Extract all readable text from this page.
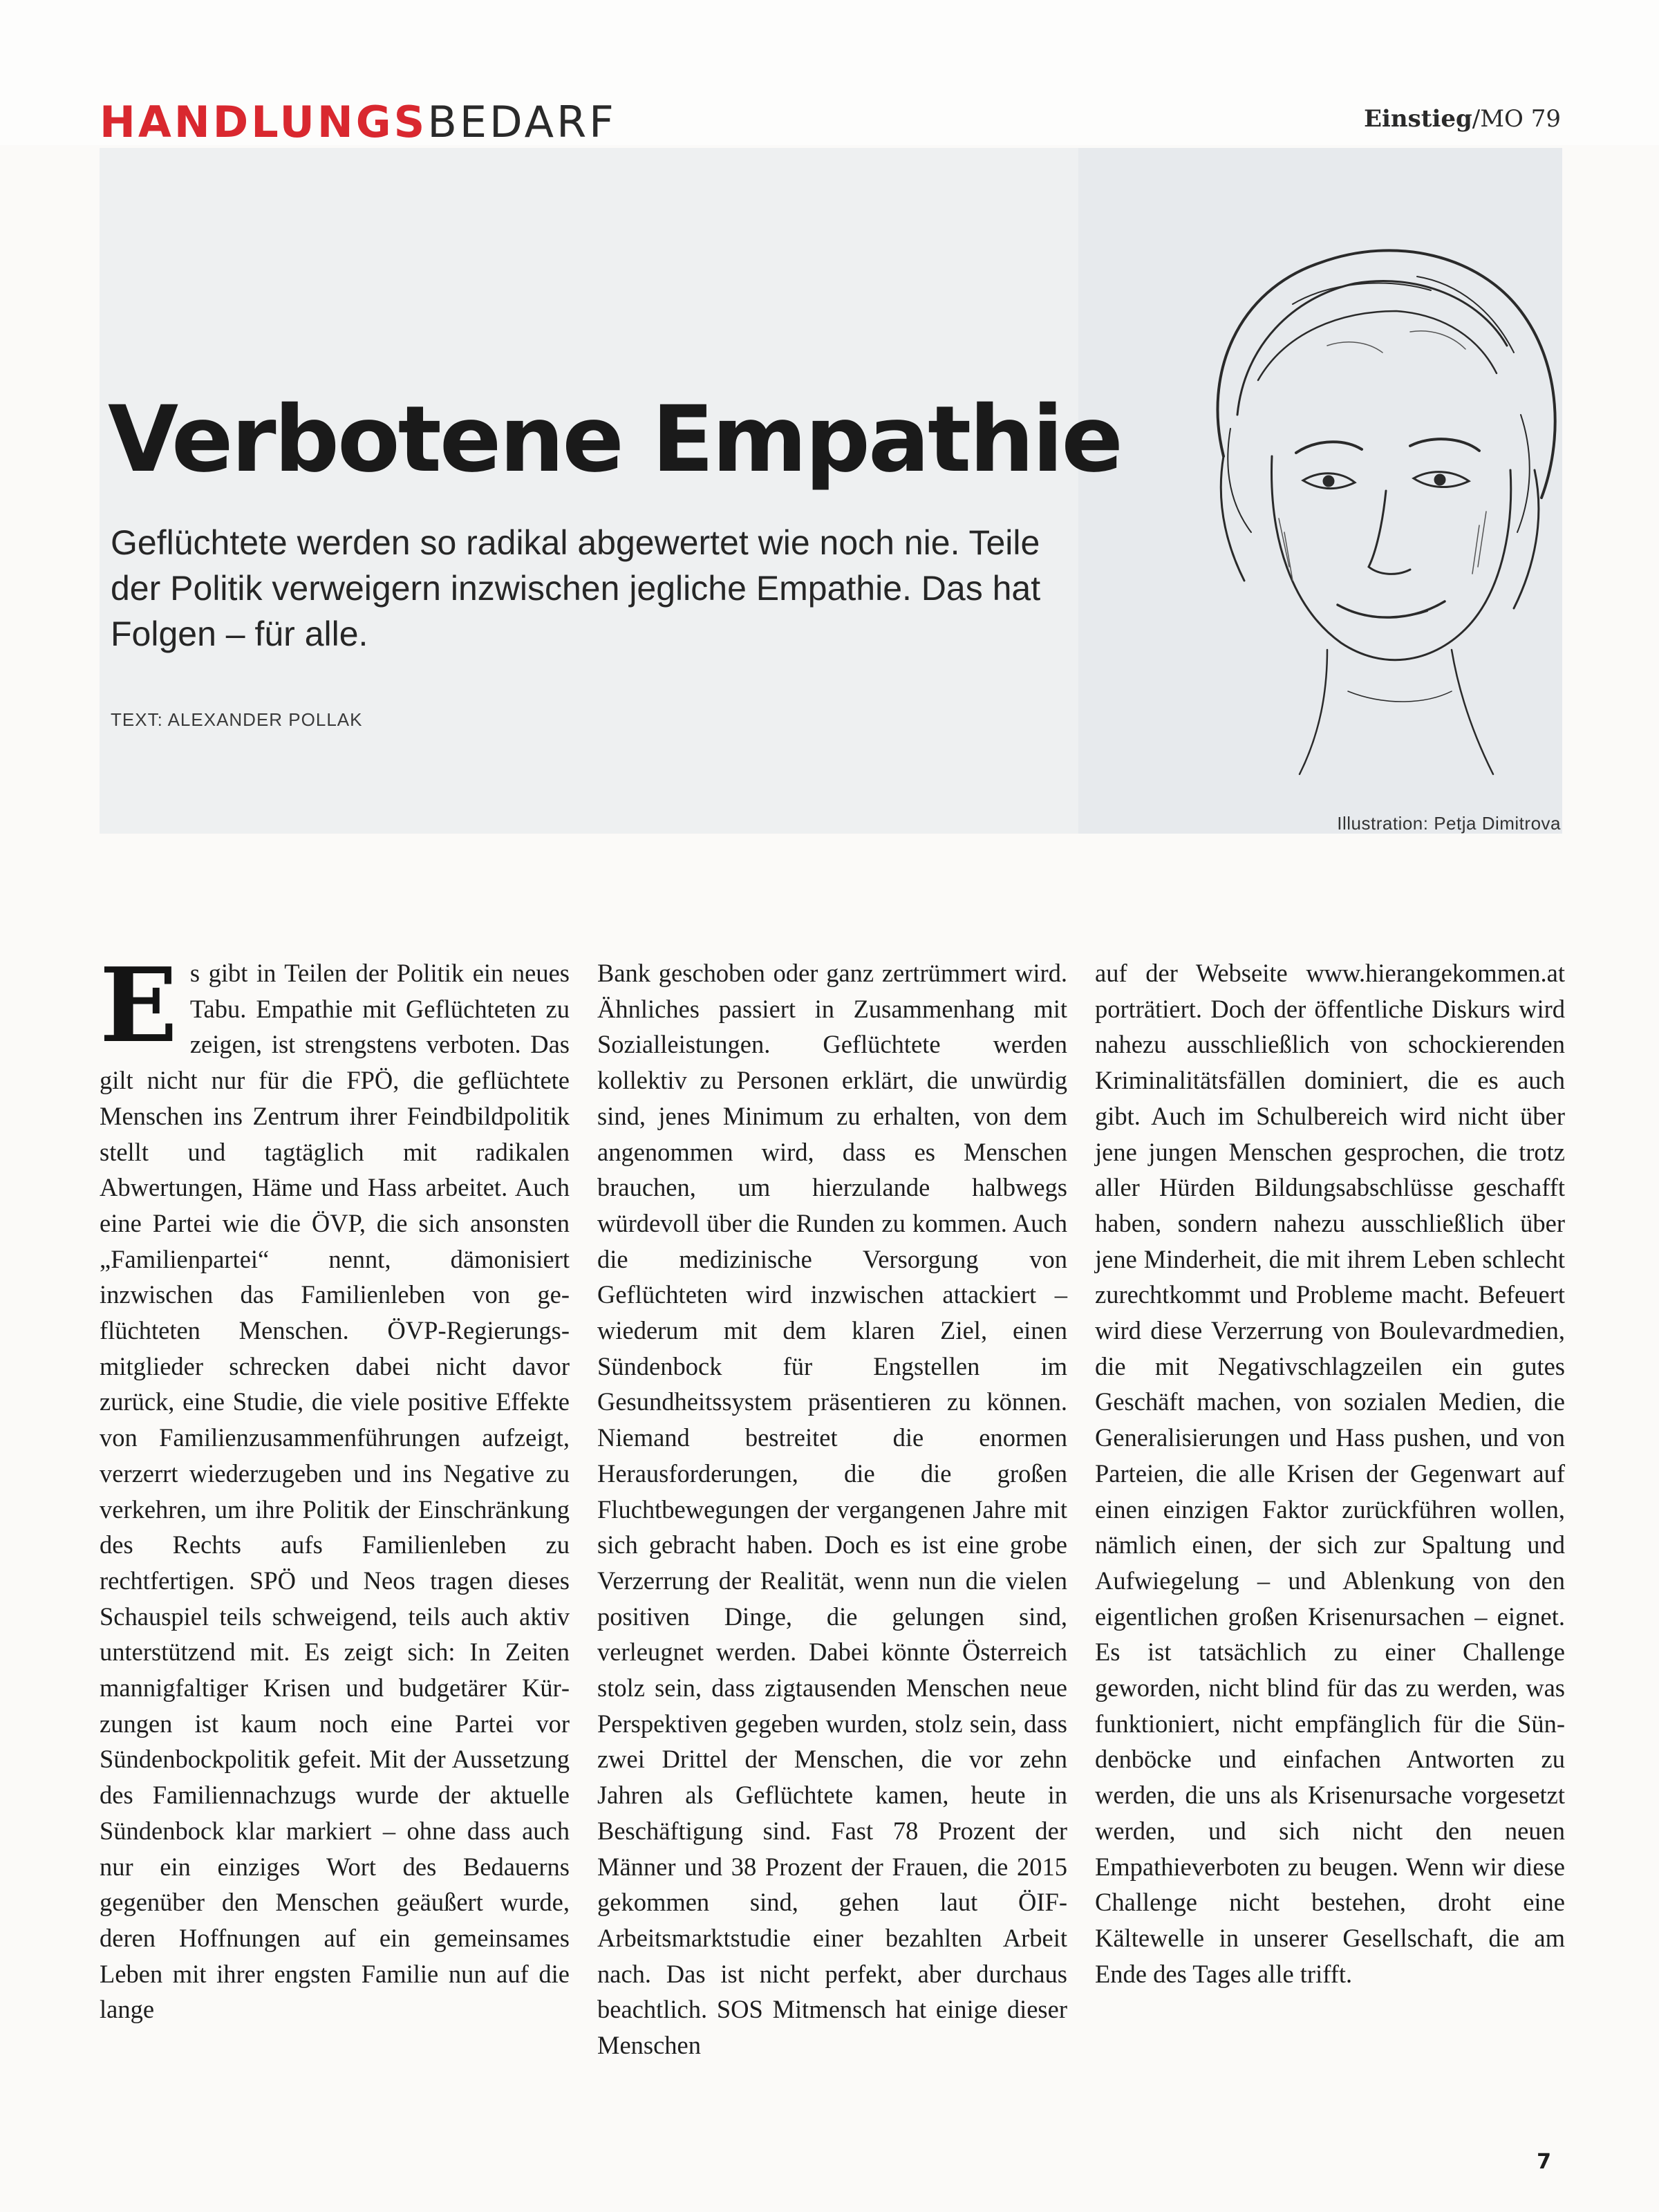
HANDLUNGSBEDARF	Einstieg/MO 79
Verbotene Empathie
Geflüchtete werden so radikal abgewertet wie noch nie. Teile der Politik verweigern inzwischen jegliche Empathie. Das hat Folgen – für alle.
TEXT: ALEXANDER POLLAK
Illustration: Petja Dimitrova
Es gibt in Teilen der Politik ein neues Tabu. Empathie mit Geflüchteten zu zeigen, ist strengstens verboten. Das gilt nicht nur für die FPÖ, die geflüchtete Menschen ins Zentrum ihrer Feindbildpolitik stellt und tagtäglich mit radikalen Abwertungen, Häme und Hass arbeitet. Auch eine Partei wie die ÖVP, die sich ansonsten „Familienpartei“ nennt, dämonisiert inzwischen das Familienleben von geflüchteten Menschen. ÖVP-Regierungsmitglieder schrecken dabei nicht davor zurück, eine Studie, die viele positive Effekte von Familienzusammenführungen aufzeigt, verzerrt wiederzugeben und ins Negative zu verkehren, um ihre Politik der Einschränkung des Rechts aufs Familienleben zu rechtfertigen. SPÖ und Neos tragen dieses Schauspiel teils schweigend, teils auch aktiv unterstützend mit. Es zeigt sich: In Zeiten mannigfaltiger Krisen und budgetärer Kürzungen ist kaum noch eine Partei vor Sündenbockpolitik gefeit. Mit der Aussetzung des Familiennachzugs wurde der aktuelle Sündenbock klar markiert – ohne dass auch nur ein einziges Wort des Bedauerns gegenüber den Menschen geäußert wurde, deren Hoffnungen auf ein gemeinsames Leben mit ihrer engsten Familie nun auf die lange
Bank geschoben oder ganz zertrümmert wird. Ähnliches passiert in Zusammenhang mit Sozialleistungen. Geflüchtete werden kollektiv zu Personen erklärt, die unwürdig sind, jenes Minimum zu erhalten, von dem angenommen wird, dass es Menschen brauchen, um hierzulande halbwegs würdevoll über die Runden zu kommen. Auch die medizinische Versorgung von Geflüchteten wird inzwischen attackiert – wiederum mit dem klaren Ziel, einen Sündenbock für Engstellen im Gesundheitssystem präsentieren zu können. Niemand bestreitet die enormen Herausforderungen, die die großen Fluchtbewegungen der vergangenen Jahre mit sich gebracht haben. Doch es ist eine grobe Verzerrung der Realität, wenn nun die vielen positiven Dinge, die gelungen sind, verleugnet werden. Dabei könnte Österreich stolz sein, dass zigtausenden Menschen neue Perspektiven gegeben wurden, stolz sein, dass zwei Drittel der Menschen, die vor zehn Jahren als Geflüchtete kamen, heute in Beschäftigung sind. Fast 78 Prozent der Männer und 38 Prozent der Frauen, die 2015 gekommen sind, gehen laut ÖIF-Arbeitsmarktstudie einer bezahlten Arbeit nach. Das ist nicht perfekt, aber durchaus beachtlich. SOS Mitmensch hat einige dieser Menschen
auf der Webseite www.hierangekommen.at porträtiert. Doch der öffentliche Diskurs wird nahezu ausschließlich von schockierenden Kriminalitätsfällen dominiert, die es auch gibt. Auch im Schulbereich wird nicht über jene jungen Menschen gesprochen, die trotz aller Hürden Bildungsabschlüsse geschafft haben, sondern nahezu ausschließlich über jene Minderheit, die mit ihrem Leben schlecht zurechtkommt und Probleme macht. Befeuert wird diese Verzerrung von Boulevardmedien, die mit Negativschlagzeilen ein gutes Geschäft machen, von sozialen Medien, die Generalisierungen und Hass pushen, und von Parteien, die alle Krisen der Gegenwart auf einen einzigen Faktor zurückführen wollen, nämlich einen, der sich zur Spaltung und Aufwiegelung – und Ablenkung von den eigentlichen großen Krisenursachen – eignet. Es ist tatsächlich zu einer Challenge geworden, nicht blind für das zu werden, was funktioniert, nicht empfänglich für die Sündenböcke und einfachen Antworten zu werden, die uns als Krisenursache vorgesetzt werden, und sich nicht den neuen Empathieverboten zu beugen. Wenn wir diese Challenge nicht bestehen, droht eine Kältewelle in unserer Gesellschaft, die am Ende des Tages alle trifft.
7
